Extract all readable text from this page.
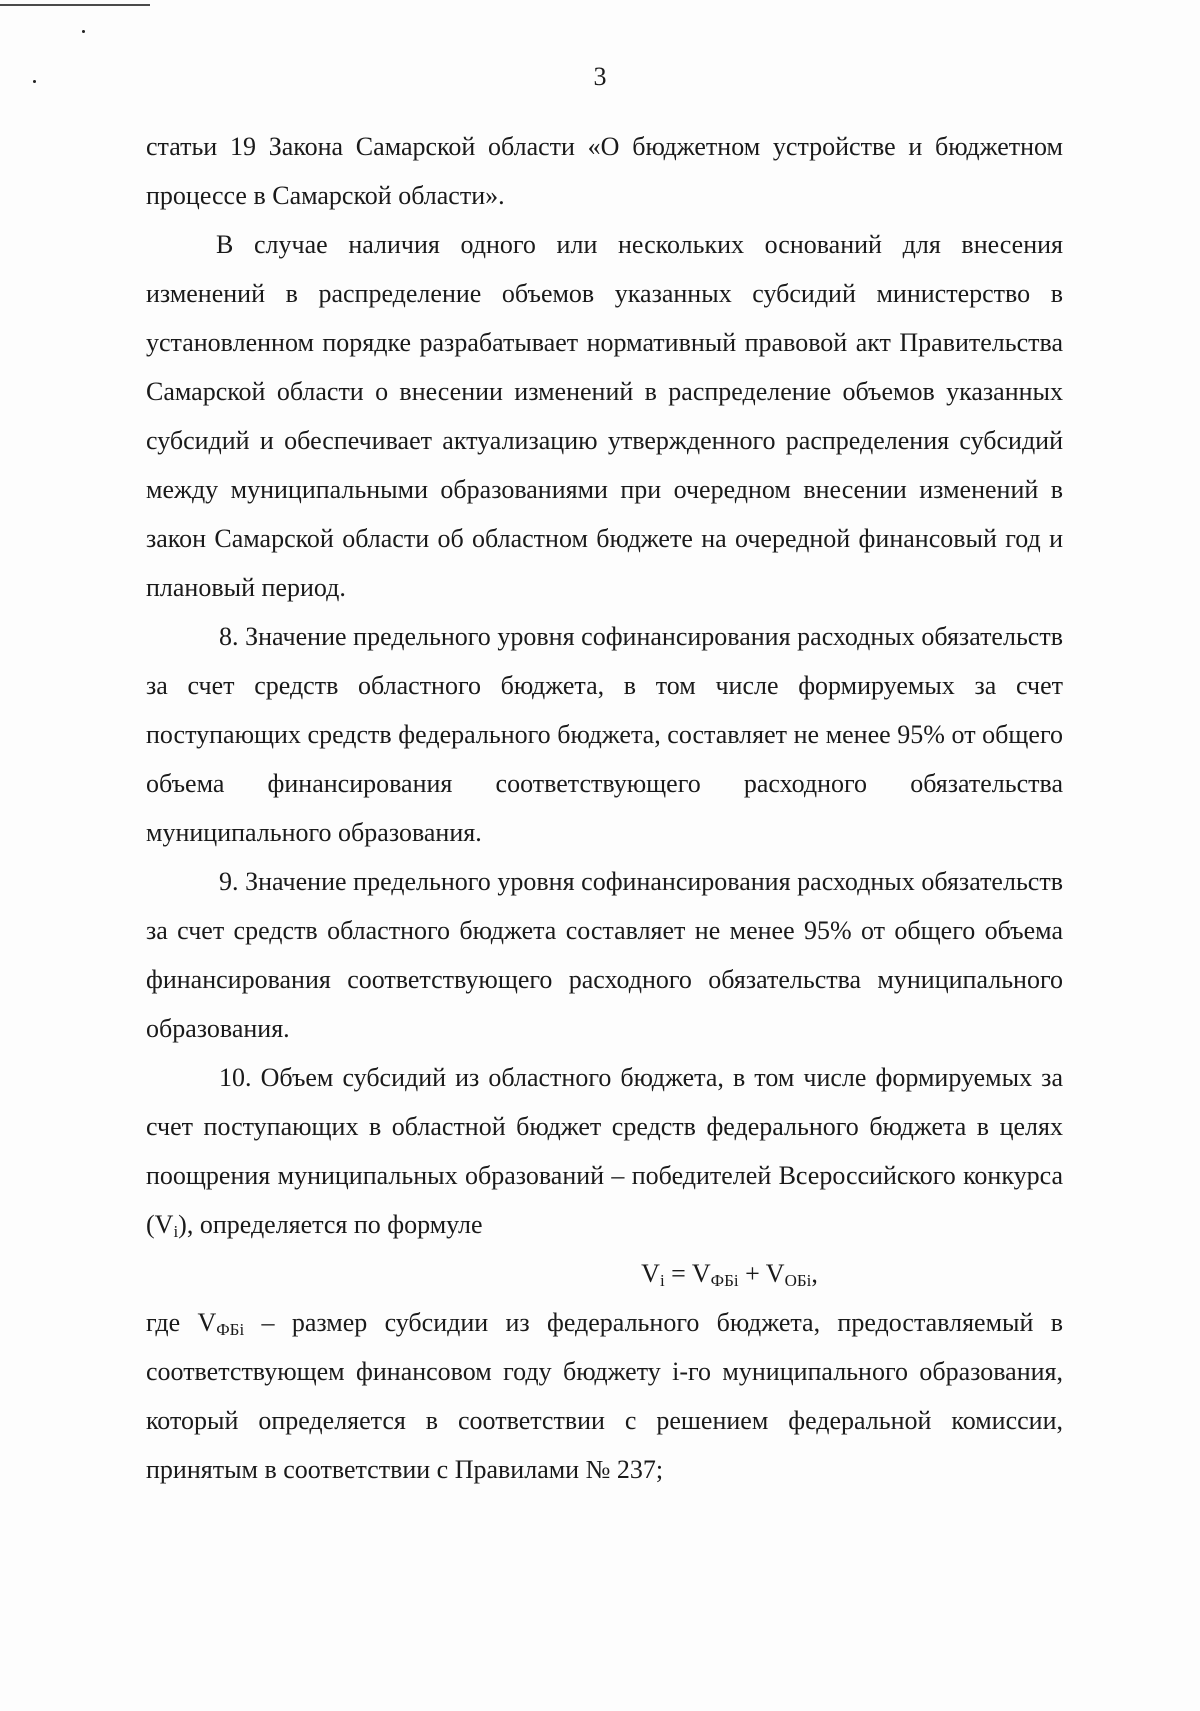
3

статьи 19 Закона Самарской области «О бюджетном устройстве и бюджетном процессе в Самарской области».

В случае наличия одного или нескольких оснований для внесения изменений в распределение объемов указанных субсидий министерство в установленном порядке разрабатывает нормативный правовой акт Правительства Самарской области о внесении изменений в распределение объемов указанных субсидий и обеспечивает актуализацию утвержденного распределения субсидий между муниципальными образованиями при очередном внесении изменений в закон Самарской области об областном бюджете на очередной финансовый год и плановый период.

8. Значение предельного уровня софинансирования расходных обязательств за счет средств областного бюджета, в том числе формируемых за счет поступающих средств федерального бюджета, составляет не менее 95% от общего объема финансирования соответствующего расходного обязательства муниципального образования.

9. Значение предельного уровня софинансирования расходных обязательств за счет средств областного бюджета составляет не менее 95% от общего объема финансирования соответствующего расходного обязательства муниципального образования.

10. Объем субсидий из областного бюджета, в том числе формируемых за счет поступающих в областной бюджет средств федерального бюджета в целях поощрения муниципальных образований – победителей Всероссийского конкурса $(V_i)$, определяется по формуле

$V_i = V_{ФБi} + V_{ОБi}$,

где $V_{ФБi}$ – размер субсидии из федерального бюджета, предоставляемый в соответствующем финансовом году бюджету i-го муниципального образования, который определяется в соответствии с решением федеральной комиссии, принятым в соответствии с Правилами № 237;
